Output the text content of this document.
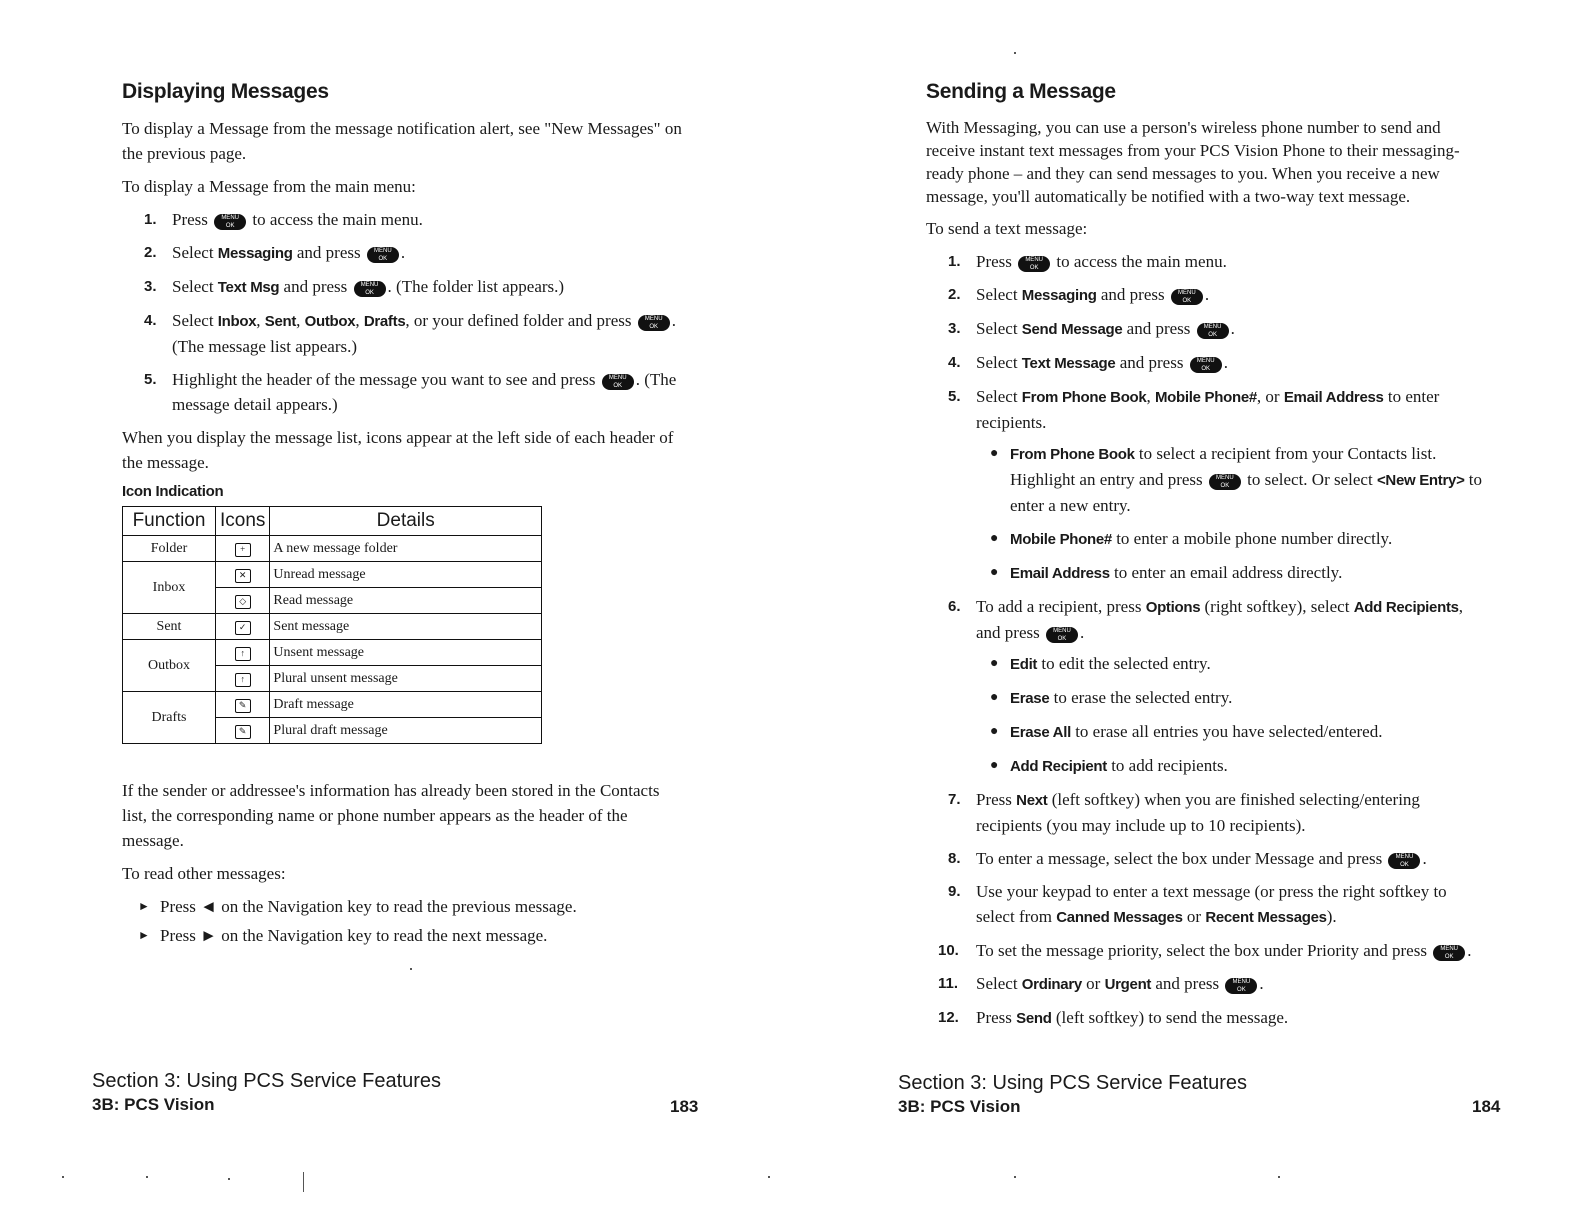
Displaying Messages

To display a Message from the message notification alert, see "New Messages" on the previous page.

To display a Message from the main menu:

1. Press	MENU
OK to access the main menu.
2. Select Messaging and press	MENU
OK .
3. Select Text Msg and press	MENU
OK . (The folder list appears.)
4. Select Inbox, Sent, Outbox, Drafts, or your defined folder and press	MENU
OK . (The message list appears.)
5. Highlight the header of the message you want to see and press	MENU
OK . (The message detail appears.)

When you display the message list, icons appear at the left side of each header of the message.

Icon Indication
Function	Icons	Details
Folder	+	A new message folder
Inbox	✕	Unread message
	◇	Read message
Sent	✓	Sent message
Outbox	↑	Unsent message
	↑	Plural unsent message
Drafts	✎	Draft message
	✎	Plural draft message

If the sender or addressee's information has already been stored in the Contacts list, the corresponding name or phone number appears as the header of the message.

To read other messages:

► Press ◄ on the Navigation key to read the previous message.
► Press ► on the Navigation key to read the next message.
Section 3: Using PCS Service Features
3B: PCS Vision	183
Sending a Message

With Messaging, you can use a person's wireless phone number to send and receive instant text messages from your PCS Vision Phone to their messaging-ready phone – and they can send messages to you. When you receive a new message, you'll automatically be notified with a two-way text message.

To send a text message:

1. Press	MENU
OK to access the main menu.
2. Select Messaging and press	MENU
OK .
3. Select Send Message and press	MENU
OK .
4. Select Text Message and press	MENU
OK .
5. Select From Phone Book, Mobile Phone#, or Email Address to enter recipients.
● From Phone Book to select a recipient from your Contacts list. Highlight an entry and press	MENU
OK to select. Or select <New Entry> to enter a new entry.
● Mobile Phone# to enter a mobile phone number directly.
● Email Address to enter an email address directly.
6. To add a recipient, press Options (right softkey), select Add Recipients, and press	MENU
OK .
● Edit to edit the selected entry.
● Erase to erase the selected entry.
● Erase All to erase all entries you have selected/entered.
● Add Recipient to add recipients.
7. Press Next (left softkey) when you are finished selecting/entering recipients (you may include up to 10 recipients).
8. To enter a message, select the box under Message and press	MENU
OK .
9. Use your keypad to enter a text message (or press the right softkey to select from Canned Messages or Recent Messages).
10. To set the message priority, select the box under Priority and press	MENU
OK .
11. Select Ordinary or Urgent and press	MENU
OK .
12. Press Send (left softkey) to send the message.
Section 3: Using PCS Service Features
3B: PCS Vision	184
